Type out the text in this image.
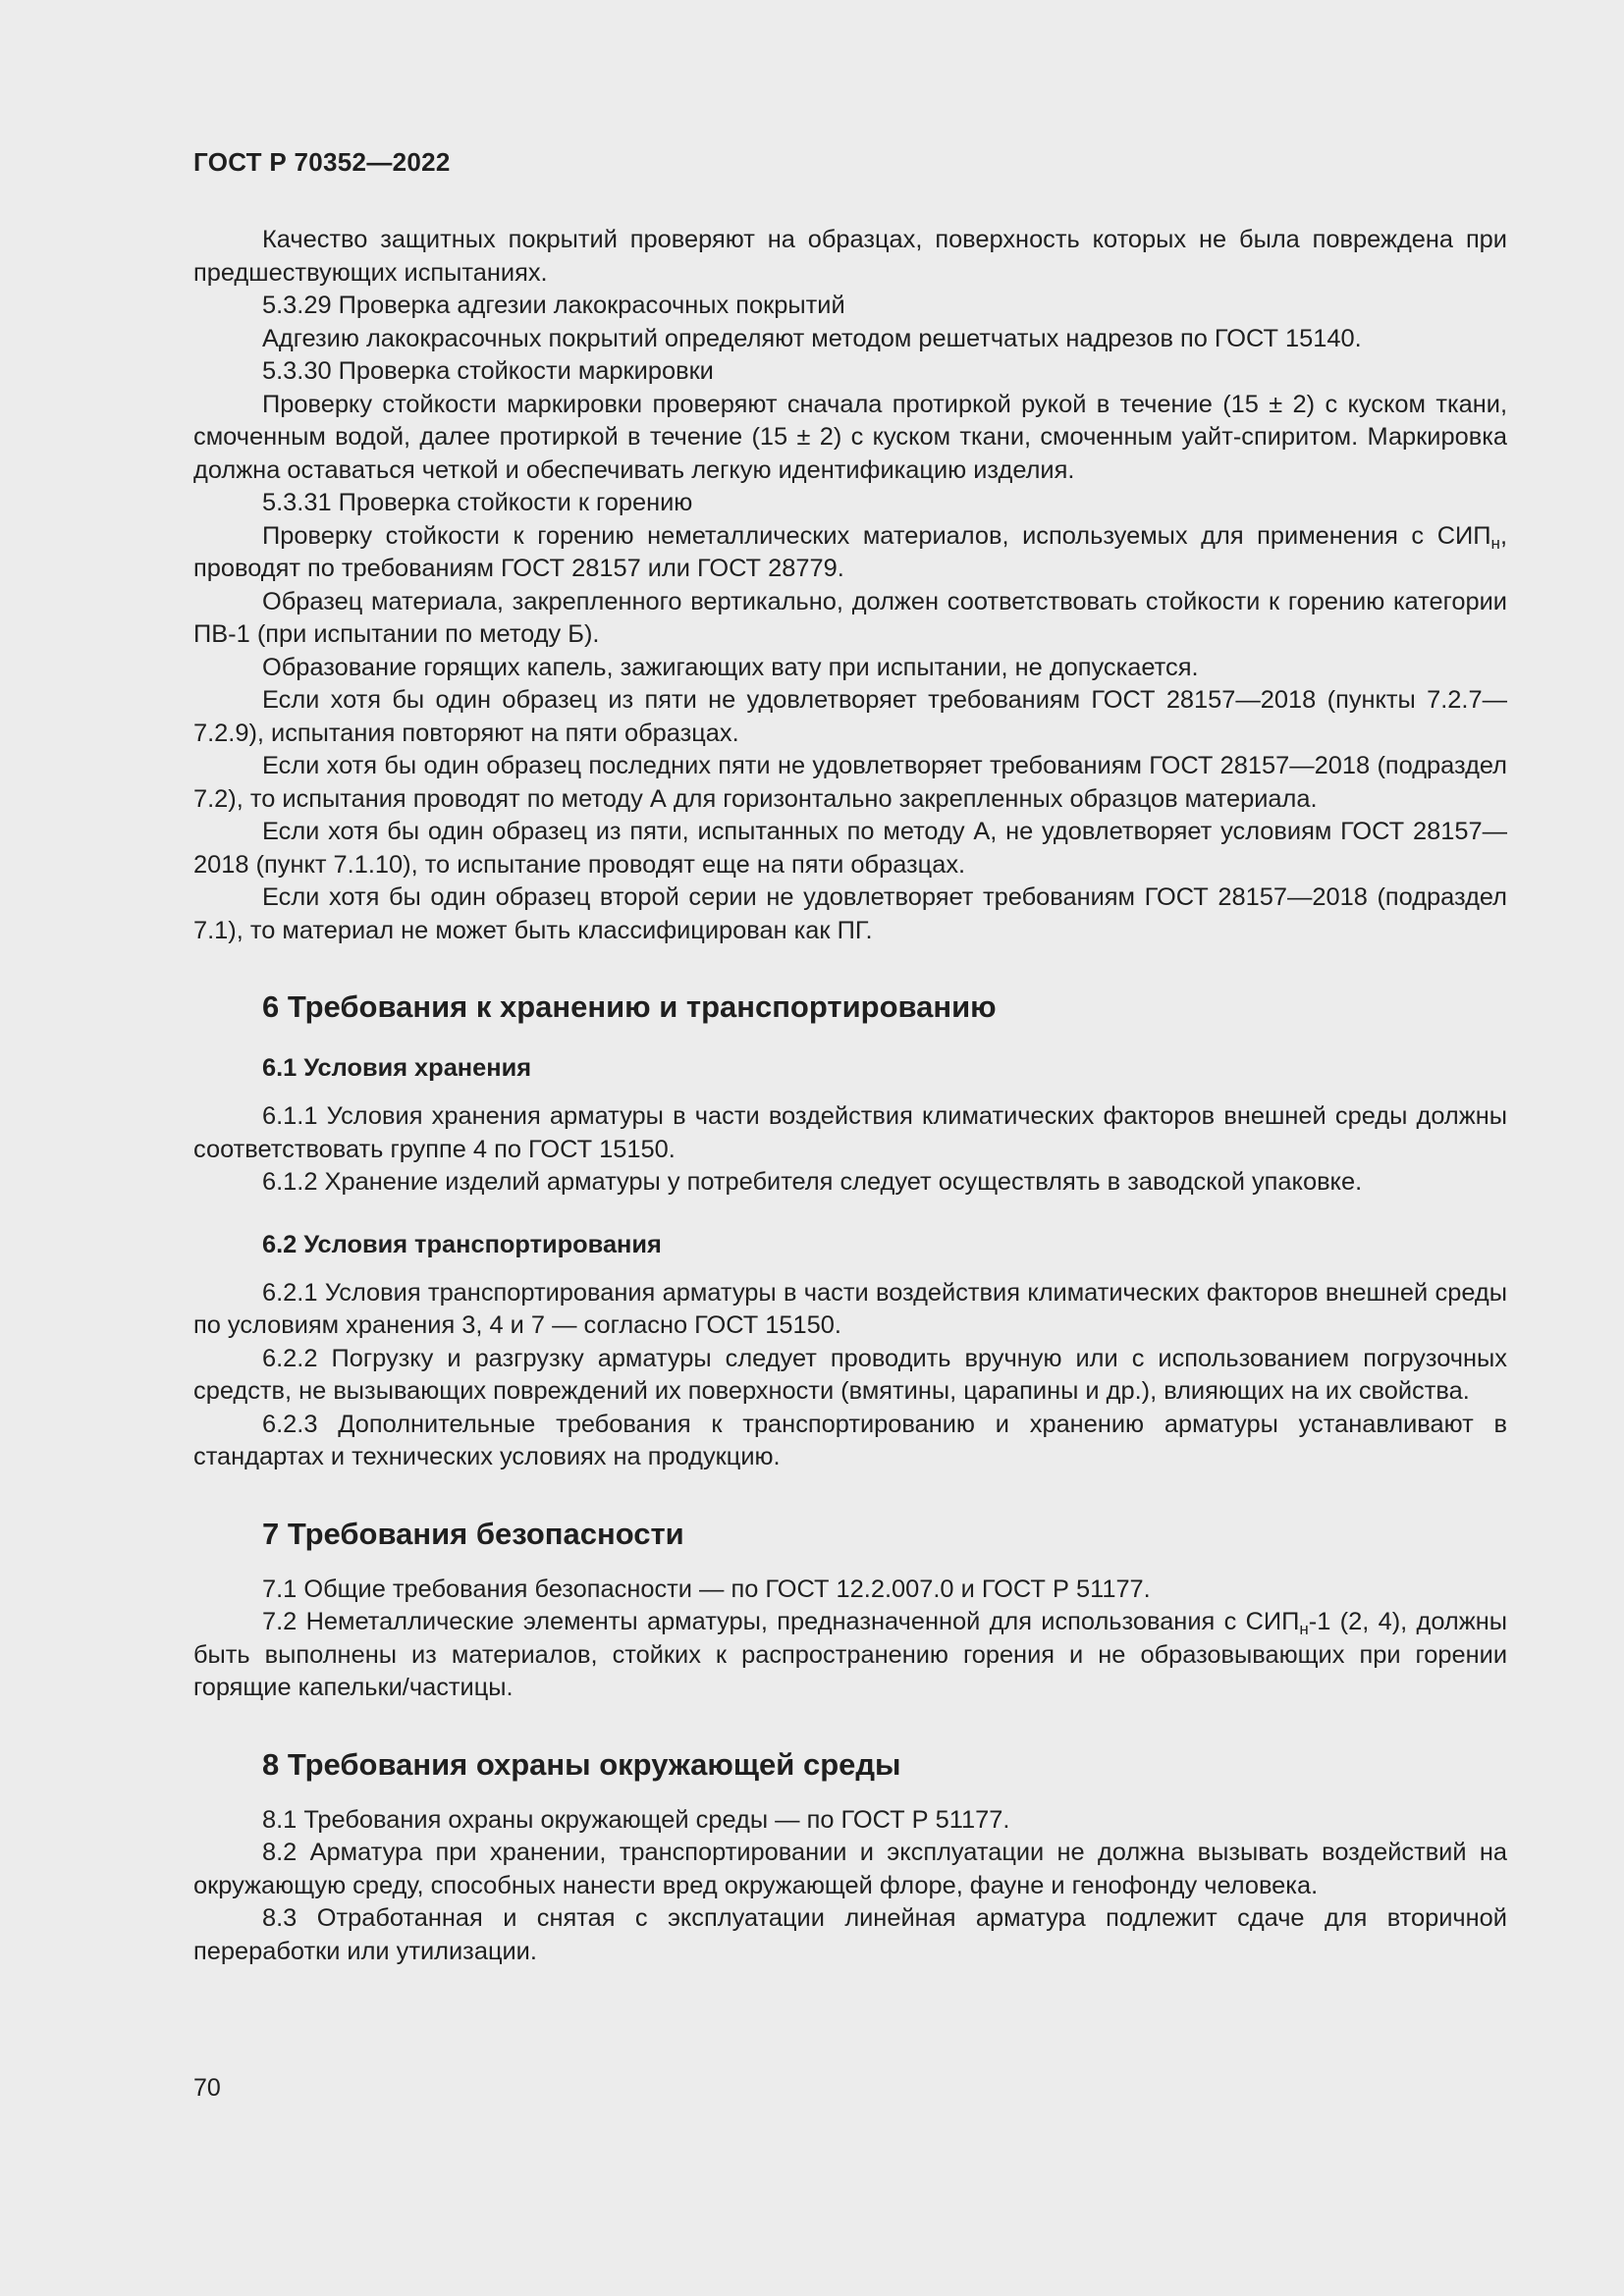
ГОСТ Р 70352—2022

Качество защитных покрытий проверяют на образцах, поверхность которых не была повреждена при предшествующих испытаниях.

5.3.29 Проверка адгезии лакокрасочных покрытий

Адгезию лакокрасочных покрытий определяют методом решетчатых надрезов по ГОСТ 15140.

5.3.30 Проверка стойкости маркировки

Проверку стойкости маркировки проверяют сначала протиркой рукой в течение (15 ± 2) с куском ткани, смоченным водой, далее протиркой в течение (15 ± 2) с куском ткани, смоченным уайт-спиритом. Маркировка должна оставаться четкой и обеспечивать легкую идентификацию изделия.

5.3.31 Проверка стойкости к горению

Проверку стойкости к горению неметаллических материалов, используемых для применения с $СИП_н$, проводят по требованиям ГОСТ 28157 или ГОСТ 28779.

Образец материала, закрепленного вертикально, должен соответствовать стойкости к горению категории ПВ-1 (при испытании по методу Б).

Образование горящих капель, зажигающих вату при испытании, не допускается.

Если хотя бы один образец из пяти не удовлетворяет требованиям ГОСТ 28157—2018 (пункты 7.2.7—7.2.9), испытания повторяют на пяти образцах.

Если хотя бы один образец последних пяти не удовлетворяет требованиям ГОСТ 28157—2018 (подраздел 7.2), то испытания проводят по методу А для горизонтально закрепленных образцов материала.

Если хотя бы один образец из пяти, испытанных по методу А, не удовлетворяет условиям ГОСТ 28157—2018 (пункт 7.1.10), то испытание проводят еще на пяти образцах.

Если хотя бы один образец второй серии не удовлетворяет требованиям ГОСТ 28157—2018 (подраздел 7.1), то материал не может быть классифицирован как ПГ.

6 Требования к хранению и транспортированию
6.1 Условия хранения

6.1.1 Условия хранения арматуры в части воздействия климатических факторов внешней среды должны соответствовать группе 4 по ГОСТ 15150.

6.1.2 Хранение изделий арматуры у потребителя следует осуществлять в заводской упаковке.

6.2 Условия транспортирования

6.2.1 Условия транспортирования арматуры в части воздействия климатических факторов внешней среды по условиям хранения 3, 4 и 7 — согласно ГОСТ 15150.

6.2.2 Погрузку и разгрузку арматуры следует проводить вручную или с использованием погрузочных средств, не вызывающих повреждений их поверхности (вмятины, царапины и др.), влияющих на их свойства.

6.2.3 Дополнительные требования к транспортированию и хранению арматуры устанавливают в стандартах и технических условиях на продукцию.

7 Требования безопасности

7.1 Общие требования безопасности — по ГОСТ 12.2.007.0 и ГОСТ Р 51177.

7.2 Неметаллические элементы арматуры, предназначенной для использования с $СИП_н-1$ (2, 4), должны быть выполнены из материалов, стойких к распространению горения и не образовывающих при горении горящие капельки/частицы.

8 Требования охраны окружающей среды

8.1 Требования охраны окружающей среды — по ГОСТ Р 51177.

8.2 Арматура при хранении, транспортировании и эксплуатации не должна вызывать воздействий на окружающую среду, способных нанести вред окружающей флоре, фауне и генофонду человека.

8.3 Отработанная и снятая с эксплуатации линейная арматура подлежит сдаче для вторичной переработки или утилизации.

70
